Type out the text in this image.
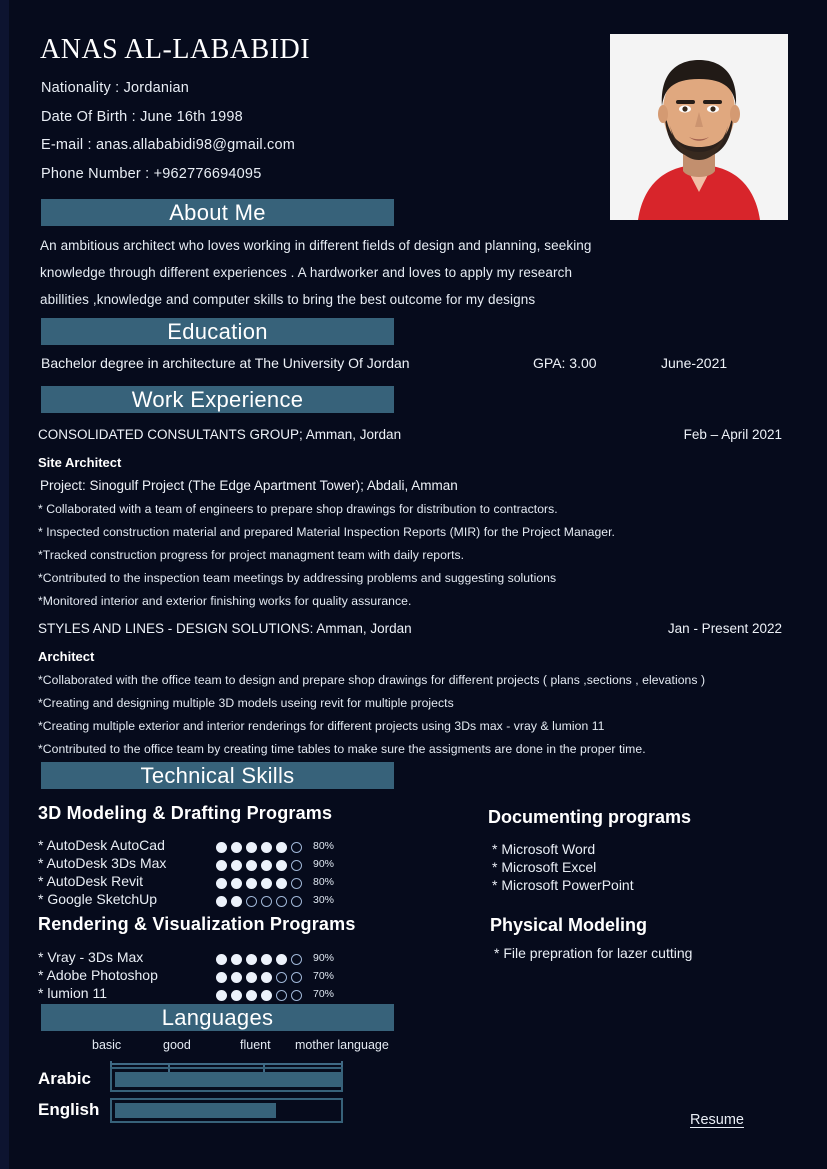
ANAS AL-LABABIDI
Nationality : Jordanian
Date Of Birth : June 16th 1998
E-mail : anas.allababidi98@gmail.com
Phone Number : +962776694095
About Me
An ambitious architect who loves working in different fields of design and planning, seeking
knowledge through different experiences . A hardworker and loves to apply my research
abillities ,knowledge and computer skills to bring the best outcome for my designs
Education
Bachelor degree in architecture at The University Of Jordan	GPA: 3.00	June-2021
Work Experience
CONSOLIDATED CONSULTANTS GROUP; Amman, Jordan	Feb – April 2021
Site Architect
Project: Sinogulf Project (The Edge Apartment Tower); Abdali, Amman
* Collaborated with a team of engineers to prepare shop drawings for distribution to contractors.
* Inspected construction material and prepared Material Inspection Reports (MIR) for the Project Manager.
*Tracked construction progress for project managment team with daily reports.
*Contributed to the inspection team meetings by addressing problems and suggesting solutions
*Monitored interior and exterior finishing works for quality assurance.
STYLES AND LINES - DESIGN SOLUTIONS: Amman, Jordan	Jan - Present 2022
Architect
*Collaborated with the office team to design and prepare shop drawings for different projects ( plans ,sections , elevations )
*Creating and designing multiple 3D models useing revit for multiple projects
*Creating multiple exterior and interior renderings for different projects using 3Ds max - vray & lumion 11
*Contributed to the office team by creating time tables to make sure the assigments are done in the proper time.
Technical Skills
3D Modeling & Drafting Programs
* AutoDesk AutoCad	80%
* AutoDesk 3Ds Max	90%
* AutoDesk Revit	80%
* Google SketchUp	30%
Rendering & Visualization Programs
* Vray - 3Ds Max	90%
* Adobe Photoshop	70%
* lumion 11	70%
Documenting programs
* Microsoft Word
* Microsoft Excel
* Microsoft PowerPoint
Physical Modeling
* File prepration for lazer cutting
Languages
basic	good	fluent mother language
Arabic
English
Resume
